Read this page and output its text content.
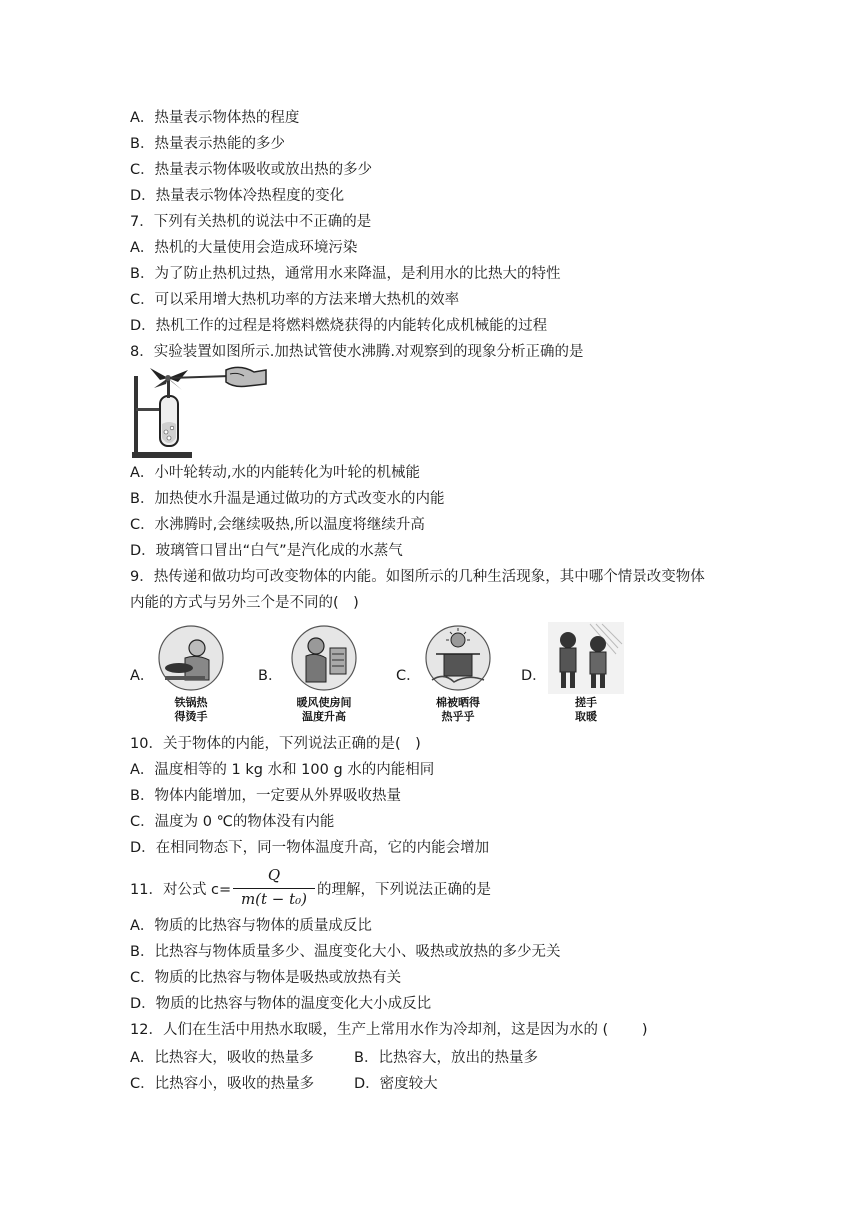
A．热量表示物体热的程度
B．热量表示热能的多少
C．热量表示物体吸收或放出热的多少
D．热量表示物体冷热程度的变化
7．下列有关热机的说法中不正确的是
A．热机的大量使用会造成环境污染
B．为了防止热机过热，通常用水来降温，是利用水的比热大的特性
C．可以采用增大热机功率的方法来增大热机的效率
D．热机工作的过程是将燃料燃烧获得的内能转化成机械能的过程
8．实验装置如图所示.加热试管使水沸腾.对观察到的现象分析正确的是
A．小叶轮转动,水的内能转化为叶轮的机械能
B．加热使水升温是通过做功的方式改变水的内能
C．水沸腾时,会继续吸热,所以温度将继续升高
D．玻璃管口冒出“白气”是汽化成的水蒸气
9．热传递和做功均可改变物体的内能。如图所示的几种生活现象，其中哪个情景改变物体
内能的方式与另外三个是不同的(　)
A．
铁锅热
得烫手
B．
暖风使房间
温度升高
C．
棉被晒得
热乎乎
D．
搓手
取暖
10．关于物体的内能，下列说法正确的是(　)
A．温度相等的 1 kg 水和 100 g 水的内能相同
B．物体内能增加，一定要从外界吸收热量
C．温度为 0 ℃的物体没有内能
D．在相同物态下，同一物体温度升高，它的内能会增加
11．对公式 c=
Q
m(t − t₀) 的理解，下列说法正确的是
A．物质的比热容与物体的质量成反比
B．比热容与物体质量多少、温度变化大小、吸热或放热的多少无关
C．物质的比热容与物体是吸热或放热有关
D．物质的比热容与物体的温度变化大小成反比
12．人们在生活中用热水取暖，生产上常用水作为冷却剂，这是因为水的 (　　 )
A．比热容大，吸收的热量多	B．比热容大，放出的热量多
C．比热容小，吸收的热量多	D．密度较大
